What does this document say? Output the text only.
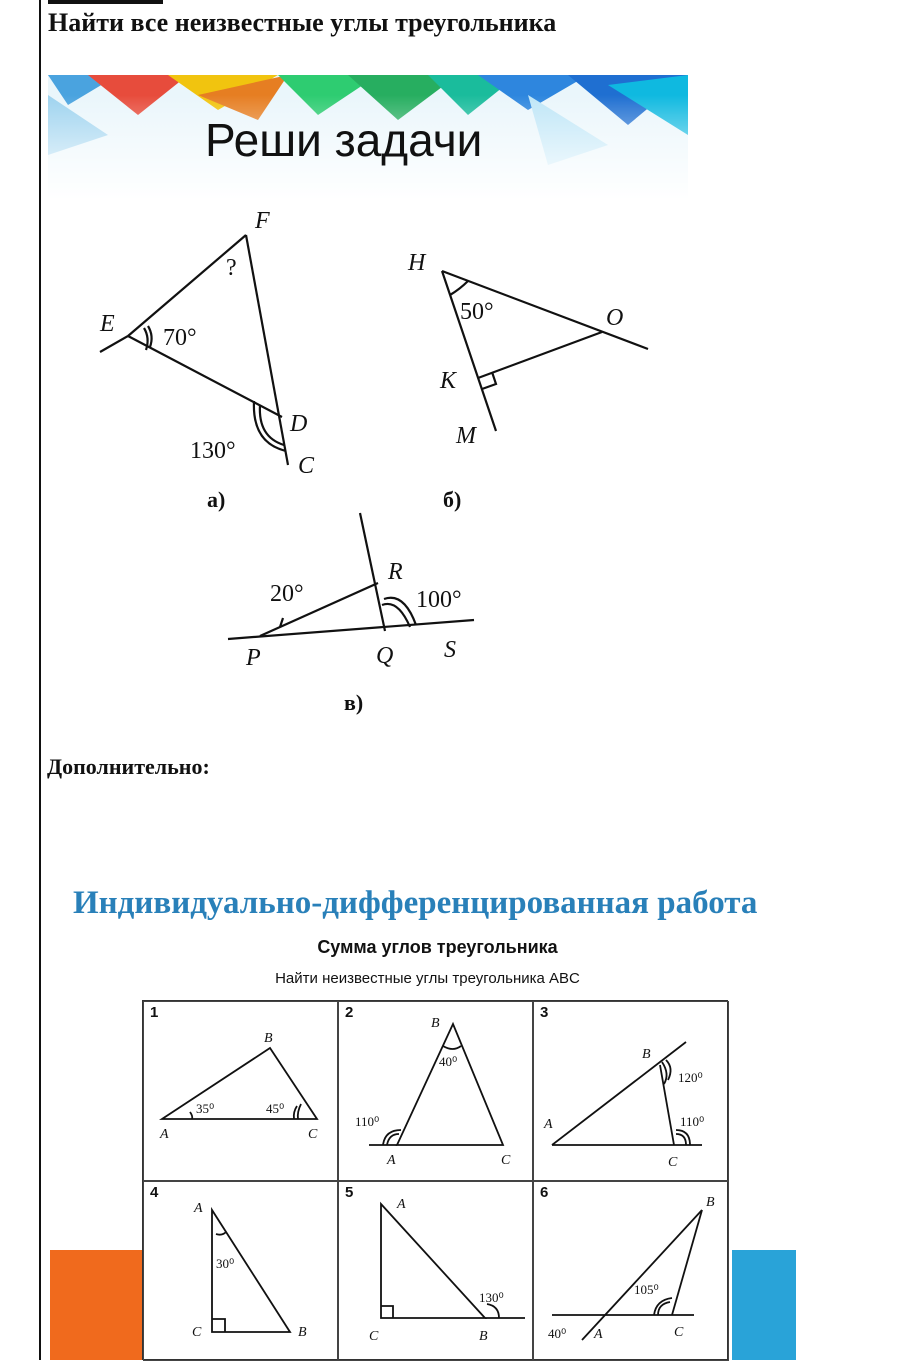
Найти все неизвестные углы треугольника
Реши задачи
F
E
D
C
H
O
K
M
R
P	Q S
?
70°
130°
50°
20°	100°
а)	б)
в)
Дополнительно:
Индивидуально-дифференцированная работа
Сумма углов треугольника
Найти неизвестные углы треугольника ABC
1
B
A	C
35⁰	45⁰
2
B
A	C
40⁰
110⁰
3
B
A
C
120⁰
110⁰
4
A
C	B
30⁰
5
A
C	B
130⁰
6
B
A	C
105⁰
40⁰
